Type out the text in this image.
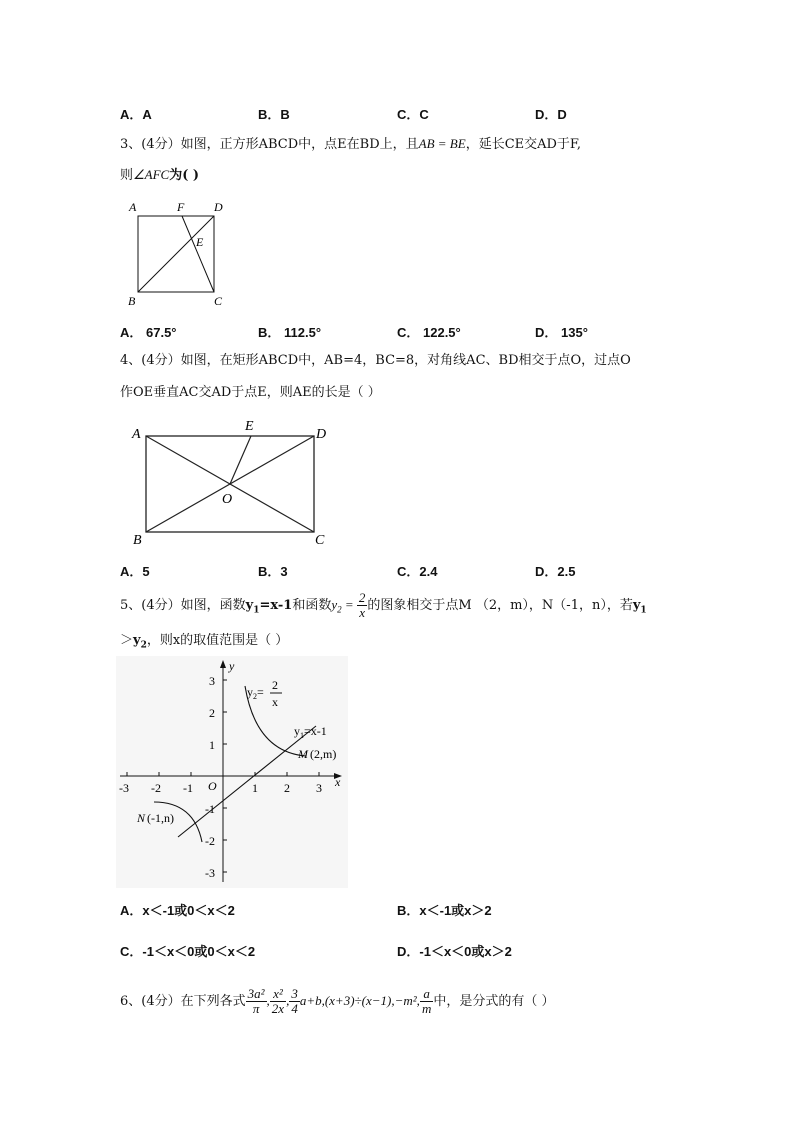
A．A	B．B	C．C	D．D
3、(4分）如图，正方形ABCD中，点E在BD上，且AB = BE，延长CE交AD于F,
则∠AFC为( )
A	F D
E
B	C
A． 67.5°	B． 112.5°	C． 122.5°	D． 135°
4、(4分）如图，在矩形ABCD中，AB=4，BC=8，对角线AC、BD相交于点O，过点O
作OE垂直AC交AD于点E，则AE的长是（ ）
A
E
D
O
B	C
A．5	B．3	C．2.4	D．2.5
5、(4分）如图，函数$y_1=x-1$和函数$y_2 = \frac{2}{x}$ 的图象相交于点M （2，m），N（-1，n），若$y_1$
$>y_2$，则x的取值范围是（ ）
y
x
O
-3 -2 -1	1 2 3
3
2
1
-1
-2
-3
$y_2= 2$
x
$y_1=x-1$
M (2,m)
N (-1,n)
A．x＜-1或0＜x＜2	B．x＜-1或x＞2
C．-1＜x＜0或0＜x＜2	D．-1＜x＜0或x＞2
6、(4分）在下列各式 $\frac{\text{3a²}}{\pi}$ , $\frac{\text{x²}}{2x}$ , $\frac{3}{4} a+b,(x+3)\div(x-1),-m^2$, $\frac{a}{m}$ 中，是分式的有（ ）
